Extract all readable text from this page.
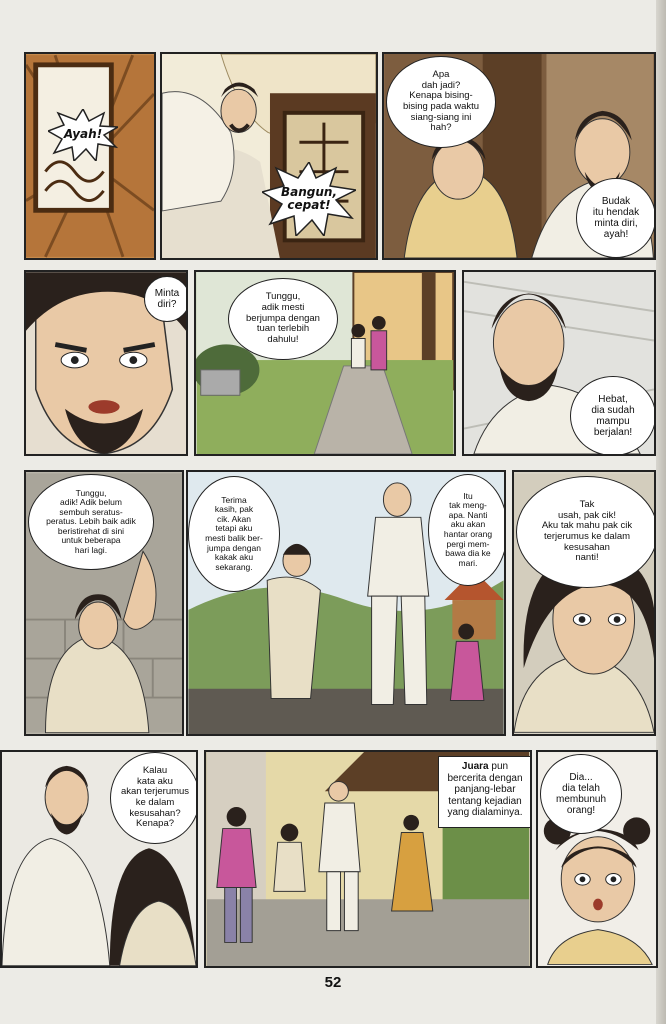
Ayah!
Bangun,
cepat!
Apa
dah jadi?
Kenapa bising-
bising pada waktu
siang-siang ini
hah?
Budak
itu hendak
minta diri,
ayah!
Minta
diri?
Tunggu,
adik mesti
berjumpa dengan
tuan terlebih
dahulu!
Hebat,
dia sudah
mampu
berjalan!
Tunggu,
adik! Adik belum
sembuh seratus-
peratus. Lebih baik adik
beristirehat di sini
untuk beberapa
hari lagi.
Terima
kasih, pak
cik. Akan
tetapi aku
mesti balik ber-
jumpa dengan
kakak aku
sekarang.
Itu
tak meng-
apa. Nanti
aku akan
hantar orang
pergi mem-
bawa dia ke
mari.
Tak
usah, pak cik!
Aku tak mahu pak cik
terjerumus ke dalam
kesusahan
nanti!
Kalau
kata aku
akan terjerumus
ke dalam
kesusahan?
Kenapa?
Juara pun bercerita dengan panjang-lebar tentang kejadian yang dialaminya.
Dia...
dia telah
membunuh
orang!
52
